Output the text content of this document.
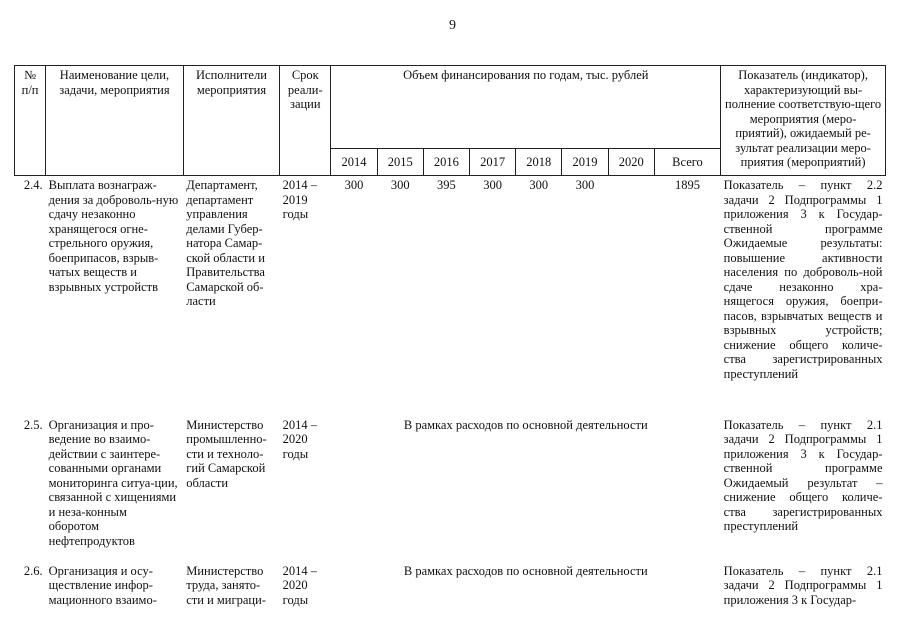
9
№ п/п	Наименование цели, задачи, мероприятия	Исполнители мероприятия	Срок реали-зации	Объем финансирования по годам, тыс. рублей								Показатель (индикатор), характеризующий вы-полнение соответствую-щего мероприятия (меро-приятий), ожидаемый ре-зультат реализации меро-приятия (мероприятий)
				2014	2015	2016	2017	2018	2019	2020	Всего	
2.4.	Выплата вознаграж-дения за доброволь-ную сдачу незаконно хранящегося огне-стрельного оружия, боеприпасов, взрыв-чатых веществ и взрывных устройств	Департамент, департамент управления делами Губер-натора Самар-ской области и Правительства Самарской об-ласти	2014 – 2019 годы	300	300	395	300	300	300		1895	Показатель – пункт 2.2 задачи 2 Подпрограммы 1 приложения 3 к Государ-ственной программе Ожидаемые результаты: повышение активности населения по доброволь-ной сдаче незаконно хра-нящегося оружия, боепри-пасов, взрывчатых веществ и взрывных устройств; снижение общего количе-ства зарегистрированных преступлений
2.5.	Организация и про-ведение во взаимо-действии с заинтере-сованными органами мониторинга ситуа-ции, связанной с хищениями и неза-конным оборотом нефтепродуктов	Министерство промышленно-сти и техноло-гий Самарской области	2014 – 2020 годы	В рамках расходов по основной деятельности								Показатель – пункт 2.1 задачи 2 Подпрограммы 1 приложения 3 к Государ-ственной программе Ожидаемый результат – снижение общего количе-ства зарегистрированных преступлений
2.6.	Организация и осу-ществление инфор-мационного взаимо-	Министерство труда, занято-сти и миграци-	2014 – 2020 годы	В рамках расходов по основной деятельности								Показатель – пункт 2.1 задачи 2 Подпрограммы 1 приложения 3 к Государ-
